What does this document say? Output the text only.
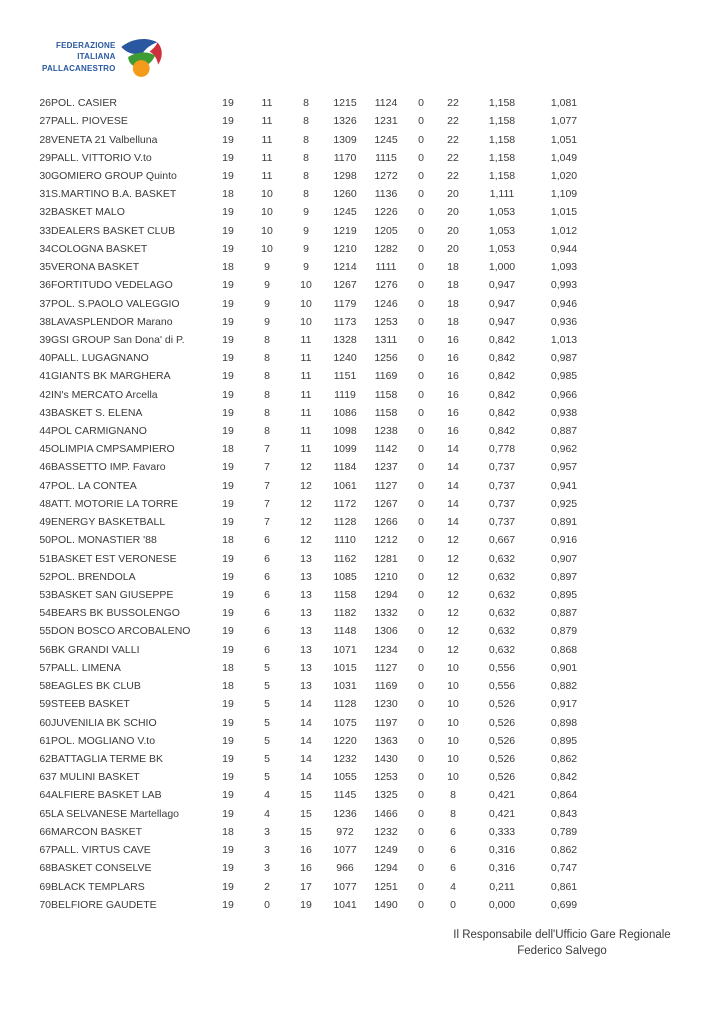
FEDERAZIONE
ITALIANA
PALLACANESTRO
26	POL. CASIER	19	11	8	1215	1124	0	22	1,158	1,081
27	PALL. PIOVESE	19	11	8	1326	1231	0	22	1,158	1,077
28	VENETA 21 Valbelluna	19	11	8	1309	1245	0	22	1,158	1,051
29	PALL. VITTORIO V.to	19	11	8	1170	1115	0	22	1,158	1,049
30	GOMIERO GROUP Quinto	19	11	8	1298	1272	0	22	1,158	1,020
31	S.MARTINO B.A. BASKET	18	10	8	1260	1136	0	20	1,111	1,109
32	BASKET MALO	19	10	9	1245	1226	0	20	1,053	1,015
33	DEALERS BASKET CLUB	19	10	9	1219	1205	0	20	1,053	1,012
34	COLOGNA BASKET	19	10	9	1210	1282	0	20	1,053	0,944
35	VERONA BASKET	18	9	9	1214	1111	0	18	1,000	1,093
36	FORTITUDO VEDELAGO	19	9	10	1267	1276	0	18	0,947	0,993
37	POL. S.PAOLO VALEGGIO	19	9	10	1179	1246	0	18	0,947	0,946
38	LAVASPLENDOR Marano	19	9	10	1173	1253	0	18	0,947	0,936
39	GSI GROUP San Dona' di P.	19	8	11	1328	1311	0	16	0,842	1,013
40	PALL. LUGAGNANO	19	8	11	1240	1256	0	16	0,842	0,987
41	GIANTS BK MARGHERA	19	8	11	1151	1169	0	16	0,842	0,985
42	IN's MERCATO Arcella	19	8	11	1119	1158	0	16	0,842	0,966
43	BASKET S. ELENA	19	8	11	1086	1158	0	16	0,842	0,938
44	POL CARMIGNANO	19	8	11	1098	1238	0	16	0,842	0,887
45	OLIMPIA CMPSAMPIERO	18	7	11	1099	1142	0	14	0,778	0,962
46	BASSETTO IMP. Favaro	19	7	12	1184	1237	0	14	0,737	0,957
47	POL. LA CONTEA	19	7	12	1061	1127	0	14	0,737	0,941
48	ATT. MOTORIE LA TORRE	19	7	12	1172	1267	0	14	0,737	0,925
49	ENERGY BASKETBALL	19	7	12	1128	1266	0	14	0,737	0,891
50	POL. MONASTIER '88	18	6	12	1110	1212	0	12	0,667	0,916
51	BASKET EST VERONESE	19	6	13	1162	1281	0	12	0,632	0,907
52	POL. BRENDOLA	19	6	13	1085	1210	0	12	0,632	0,897
53	BASKET SAN GIUSEPPE	19	6	13	1158	1294	0	12	0,632	0,895
54	BEARS BK BUSSOLENGO	19	6	13	1182	1332	0	12	0,632	0,887
55	DON BOSCO ARCOBALENO	19	6	13	1148	1306	0	12	0,632	0,879
56	BK GRANDI VALLI	19	6	13	1071	1234	0	12	0,632	0,868
57	PALL. LIMENA	18	5	13	1015	1127	0	10	0,556	0,901
58	EAGLES BK CLUB	18	5	13	1031	1169	0	10	0,556	0,882
59	STEEB BASKET	19	5	14	1128	1230	0	10	0,526	0,917
60	JUVENILIA BK SCHIO	19	5	14	1075	1197	0	10	0,526	0,898
61	POL. MOGLIANO V.to	19	5	14	1220	1363	0	10	0,526	0,895
62	BATTAGLIA TERME BK	19	5	14	1232	1430	0	10	0,526	0,862
63	7 MULINI BASKET	19	5	14	1055	1253	0	10	0,526	0,842
64	ALFIERE BASKET LAB	19	4	15	1145	1325	0	8	0,421	0,864
65	LA SELVANESE Martellago	19	4	15	1236	1466	0	8	0,421	0,843
66	MARCON BASKET	18	3	15	972	1232	0	6	0,333	0,789
67	PALL. VIRTUS CAVE	19	3	16	1077	1249	0	6	0,316	0,862
68	BASKET CONSELVE	19	3	16	966	1294	0	6	0,316	0,747
69	BLACK TEMPLARS	19	2	17	1077	1251	0	4	0,211	0,861
70	BELFIORE GAUDETE	19	0	19	1041	1490	0	0	0,000	0,699
Il Responsabile dell'Ufficio Gare Regionale
Federico Salvego
